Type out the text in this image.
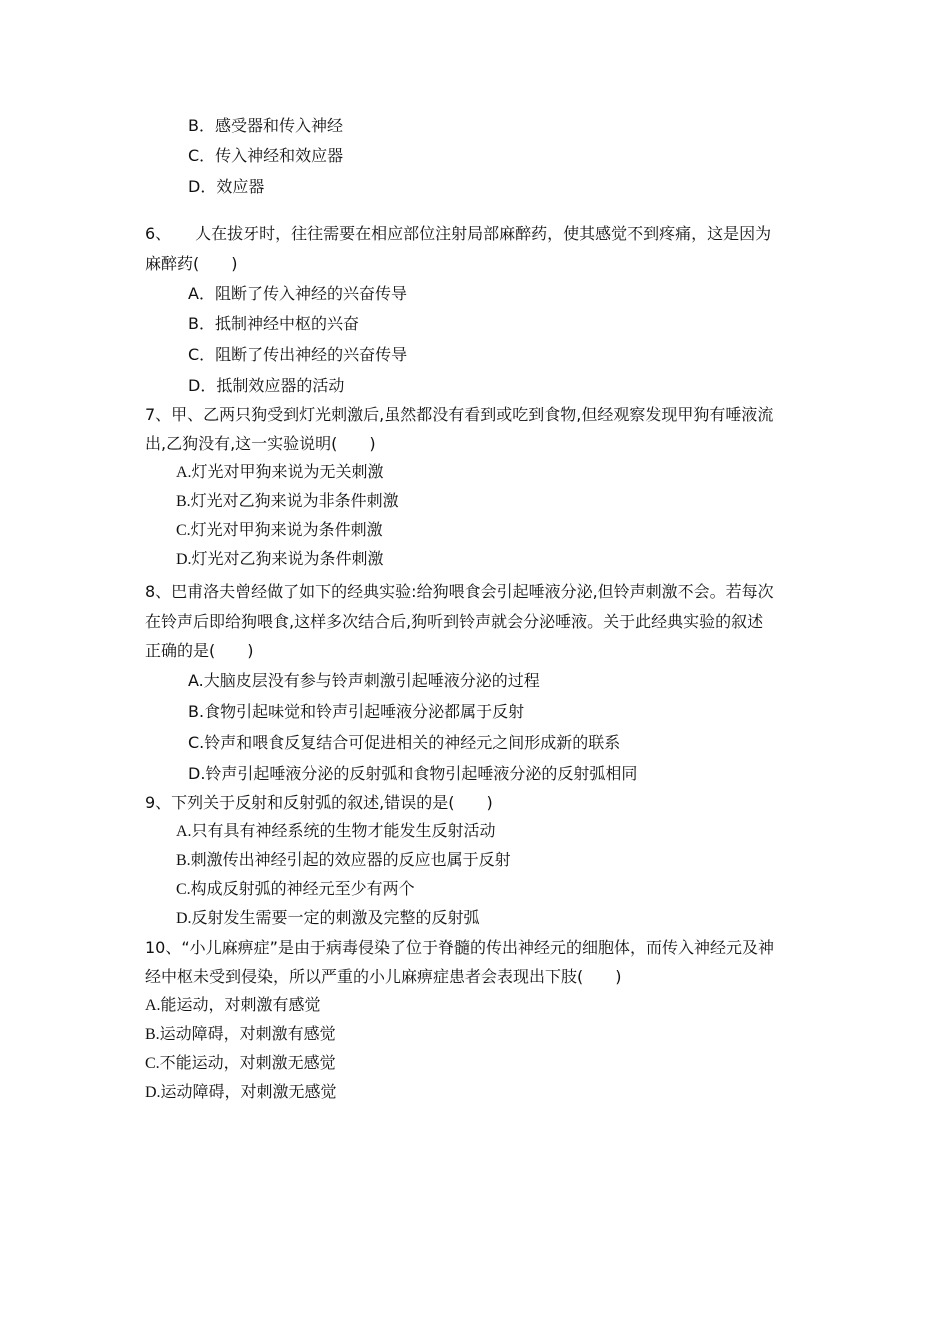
B．感受器和传入神经
C．传入神经和效应器
D．效应器
6、　　人在拔牙时，往往需要在相应部位注射局部麻醉药，使其感觉不到疼痛，这是因为
麻醉药(　　)
A．阻断了传入神经的兴奋传导
B．抵制神经中枢的兴奋
C．阻断了传出神经的兴奋传导
D．抵制效应器的活动
7、甲、乙两只狗受到灯光刺激后,虽然都没有看到或吃到食物,但经观察发现甲狗有唾液流
出,乙狗没有,这一实验说明(　　)
A.灯光对甲狗来说为无关刺激
B.灯光对乙狗来说为非条件刺激
C.灯光对甲狗来说为条件刺激
D.灯光对乙狗来说为条件刺激
8、巴甫洛夫曾经做了如下的经典实验:给狗喂食会引起唾液分泌,但铃声刺激不会。若每次
在铃声后即给狗喂食,这样多次结合后,狗听到铃声就会分泌唾液。关于此经典实验的叙述
正确的是(　　)
A.大脑皮层没有参与铃声刺激引起唾液分泌的过程
B.食物引起味觉和铃声引起唾液分泌都属于反射
C.铃声和喂食反复结合可促进相关的神经元之间形成新的联系
D.铃声引起唾液分泌的反射弧和食物引起唾液分泌的反射弧相同
9、下列关于反射和反射弧的叙述,错误的是(　　)
A.只有具有神经系统的生物才能发生反射活动
B.刺激传出神经引起的效应器的反应也属于反射
C.构成反射弧的神经元至少有两个
D.反射发生需要一定的刺激及完整的反射弧
10、“小儿麻痹症”是由于病毒侵染了位于脊髓的传出神经元的细胞体，而传入神经元及神
经中枢未受到侵染，所以严重的小儿麻痹症患者会表现出下肢(　　)
A.能运动，对刺激有感觉
B.运动障碍，对刺激有感觉
C.不能运动，对刺激无感觉
D.运动障碍，对刺激无感觉
